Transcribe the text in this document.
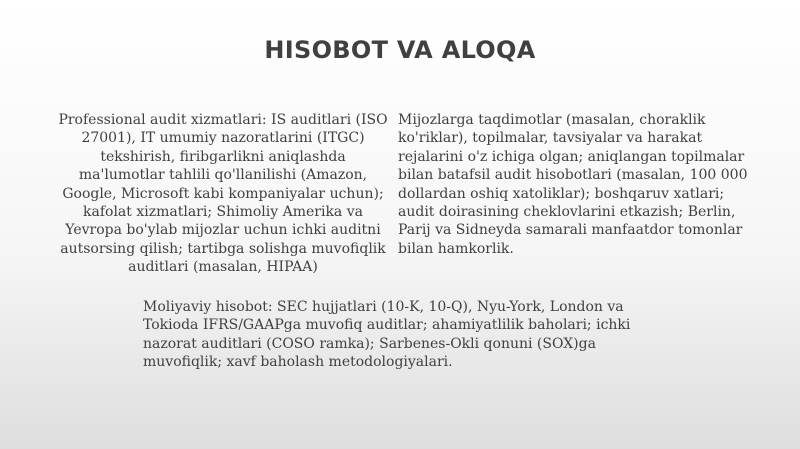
HISOBOT VA ALOQA
Professional audit xizmatlari: IS auditlari (ISO 27001), IT umumiy nazoratlarini (ITGC) tekshirish, firibgarlikni aniqlashda ma'lumotlar tahlili qo'llanilishi (Amazon, Google, Microsoft kabi kompaniyalar uchun); kafolat xizmatlari; Shimoliy Amerika va Yevropa bo'ylab mijozlar uchun ichki auditni autsorsing qilish; tartibga solishga muvofiqlik auditlari (masalan, HIPAA)
Mijozlarga taqdimotlar (masalan, choraklik ko'riklar), topilmalar, tavsiyalar va harakat rejalarini o'z ichiga olgan; aniqlangan topilmalar bilan batafsil audit hisobotlari (masalan, 100 000 dollardan oshiq xatoliklar); boshqaruv xatlari; audit doirasining cheklovlarini etkazish; Berlin, Parij va Sidneyda samarali manfaatdor tomonlar bilan hamkorlik.
Moliyaviy hisobot: SEC hujjatlari (10-K, 10-Q), Nyu-York, London va Tokioda IFRS/GAAPga muvofiq auditlar; ahamiyatlilik baholari; ichki nazorat auditlari (COSO ramka); Sarbenes-Okli qonuni (SOX)ga muvofiqlik; xavf baholash metodologiyalari.
